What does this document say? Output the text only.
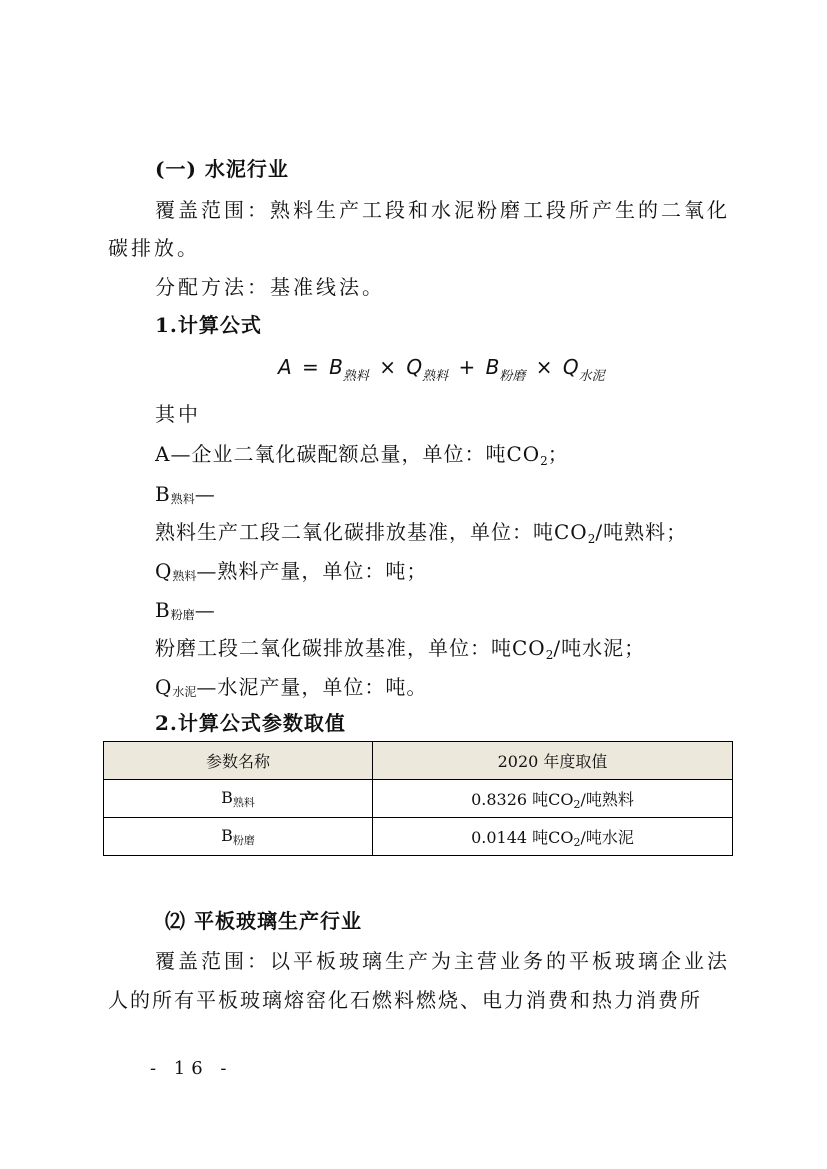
(一) 水泥行业
覆盖范围：熟料生产工段和水泥粉磨工段所产生的二氧化
碳排放。
分配方法：基准线法。
1.计算公式
$A = B_{熟料} \times Q_{熟料} + B_{粉磨} \times Q_{水泥}$
其中
A—企业二氧化碳配额总量，单位：吨$CO_2$；
B熟料—
熟料生产工段二氧化碳排放基准，单位：吨$CO_2/$吨熟料；
Q熟料—熟料产量，单位：吨；
B粉磨—
粉磨工段二氧化碳排放基准，单位：吨$CO_2/$吨水泥；
Q水泥—水泥产量，单位：吨。
2.计算公式参数取值
参数名称	2020 年度取值
B熟料	0.8326 吨CO2/吨熟料
B粉磨	0.0144 吨CO2/吨水泥
⑵ 平板玻璃生产行业
覆盖范围：以平板玻璃生产为主营业务的平板玻璃企业法
人的所有平板玻璃熔窑化石燃料燃烧、电力消费和热力消费所
- 16 -
